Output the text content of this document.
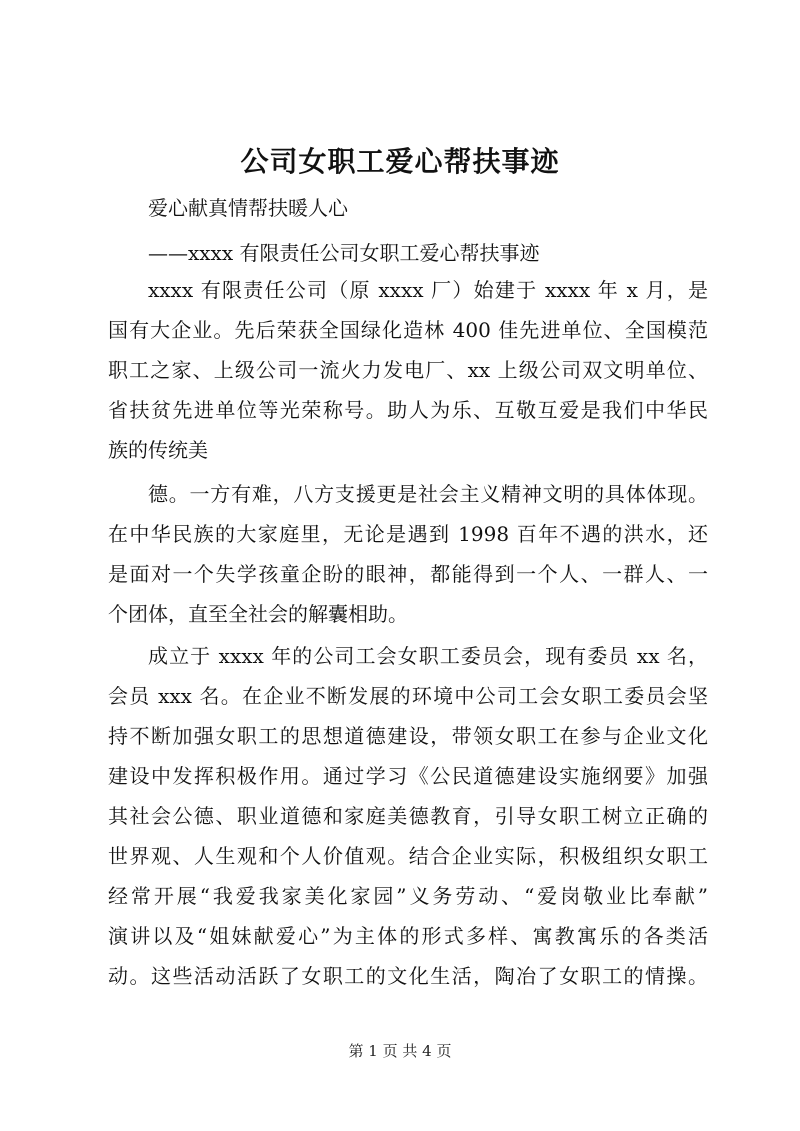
公司女职工爱心帮扶事迹
爱心献真情帮扶暖人心
——xxxx 有限责任公司女职工爱心帮扶事迹
xxxx 有限责任公司（原 xxxx 厂）始建于 xxxx 年 x 月，是
国有大企业。先后荣获全国绿化造林 400 佳先进单位、全国模范
职工之家、上级公司一流火力发电厂、xx 上级公司双文明单位、
省扶贫先进单位等光荣称号。助人为乐、互敬互爱是我们中华民
族的传统美
德。一方有难，八方支援更是社会主义精神文明的具体体现。
在中华民族的大家庭里，无论是遇到 1998 百年不遇的洪水，还
是面对一个失学孩童企盼的眼神，都能得到一个人、一群人、一
个团体，直至全社会的解囊相助。
成立于 xxxx 年的公司工会女职工委员会，现有委员 xx 名，
会员 xxx 名。在企业不断发展的环境中公司工会女职工委员会坚
持不断加强女职工的思想道德建设，带领女职工在参与企业文化
建设中发挥积极作用。通过学习《公民道德建设实施纲要》加强
其社会公德、职业道德和家庭美德教育，引导女职工树立正确的
世界观、人生观和个人价值观。结合企业实际，积极组织女职工
经常开展“我爱我家美化家园”义务劳动、“爱岗敬业比奉献”
演讲以及“姐妹献爱心”为主体的形式多样、寓教寓乐的各类活
动。这些活动活跃了女职工的文化生活，陶冶了女职工的情操。
第 1 页 共 4 页
